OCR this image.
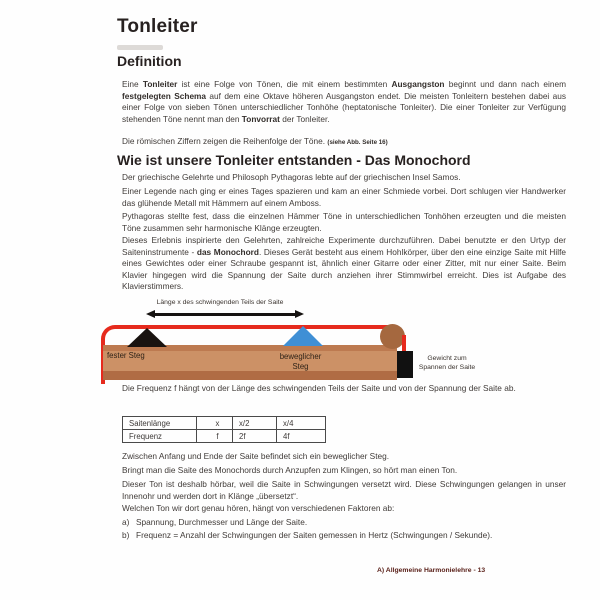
Tonleiter
Definition
Eine Tonleiter ist eine Folge von Tönen, die mit einem bestimmten Ausgangston beginnt und dann nach einem festgelegten Schema auf dem eine Oktave höheren Ausgangston endet. Die meisten Tonleitern bestehen dabei aus einer Folge von sieben Tönen unterschiedlicher Tonhöhe (heptatonische Tonleiter). Die einer Tonleiter zur Verfügung stehenden Töne nennt man den Tonvorrat der Tonleiter.
Die römischen Ziffern zeigen die Reihenfolge der Töne. (siehe Abb. Seite 16)
Wie ist unsere Tonleiter entstanden - Das Monochord
Der griechische Gelehrte und Philosoph Pythagoras lebte auf der griechischen Insel Samos.
Einer Legende nach ging er eines Tages spazieren und kam an einer Schmiede vorbei. Dort schlugen vier Handwerker das glühende Metall mit Hämmern auf einem Amboss.
Pythagoras stellte fest, dass die einzelnen Hämmer Töne in unterschiedlichen Tonhöhen erzeugten und die meisten Töne zusammen sehr harmonische Klänge erzeugten.
Dieses Erlebnis inspirierte den Gelehrten, zahlreiche Experimente durchzuführen. Dabei benutzte er den Urtyp der Saiteninstrumente - das Monochord. Dieses Gerät besteht aus einem Hohlkörper, über den eine einzige Saite mit Hilfe eines Gewichtes oder einer Schraube gespannt ist, ähnlich einer Gitarre oder einer Zitter, mit nur einer Saite. Beim Klavier hingegen wird die Spannung der Saite durch anziehen ihrer Stimmwirbel erreicht. Dies ist Aufgabe des Klavierstimmers.
Länge x des schwingenden Teils der Saite
fester Steg	beweglicher
Steg
Gewicht zum
Spannen der Saite
Die Frequenz f hängt von der Länge des schwingenden Teils der Saite und von der Spannung der Saite ab.
Saitenlänge	x	x/2	x/4
Frequenz	f	2f	4f
Zwischen Anfang und Ende der Saite befindet sich ein beweglicher Steg.
Bringt man die Saite des Monochords durch Anzupfen zum Klingen, so hört man einen Ton.
Dieser Ton ist deshalb hörbar, weil die Saite in Schwingungen versetzt wird. Diese Schwingungen gelangen in unser Innenohr und werden dort in Klänge „übersetzt“.
Welchen Ton wir dort genau hören, hängt von verschiedenen Faktoren ab:
a) Spannung, Durchmesser und Länge der Saite.
b) Frequenz = Anzahl der Schwingungen der Saiten gemessen in Hertz (Schwingungen / Sekunde).
A) Allgemeine Harmonielehre - 13
